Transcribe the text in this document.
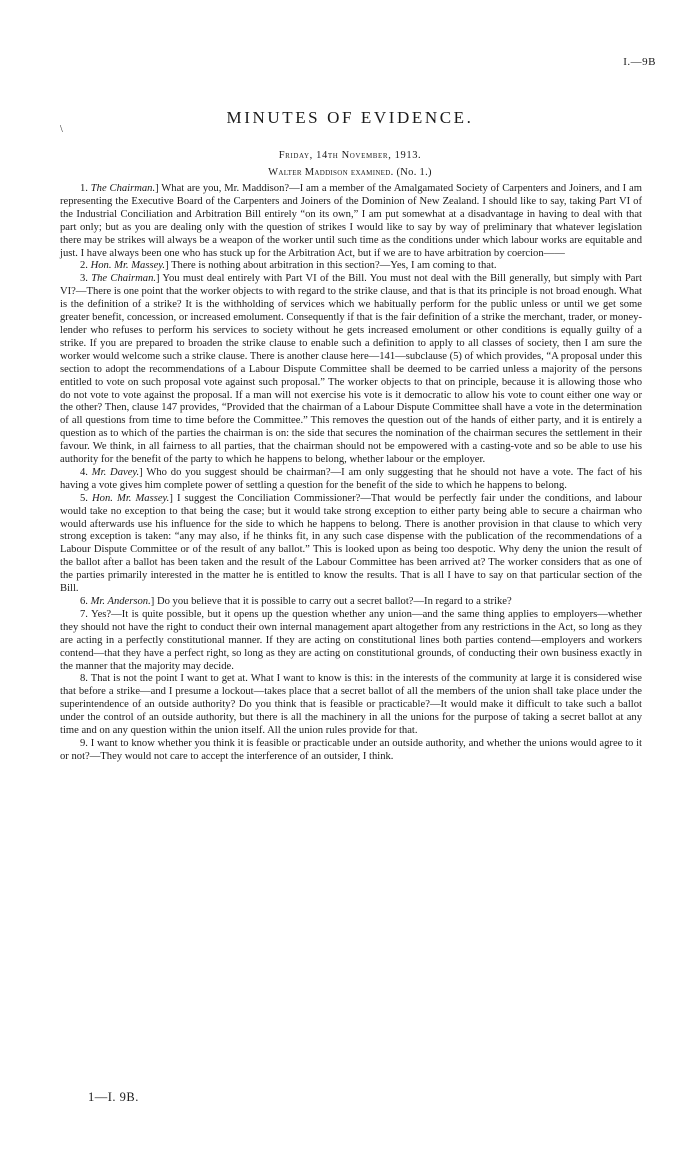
I.—9B
\
MINUTES OF EVIDENCE.
Friday, 14th November, 1913.
Walter Maddison examined. (No. 1.)

1. The Chairman.] What are you, Mr. Maddison?—I am a member of the Amalgamated Society of Carpenters and Joiners, and I am representing the Executive Board of the Carpenters and Joiners of the Dominion of New Zealand. I should like to say, taking Part VI of the Industrial Conciliation and Arbitration Bill entirely “on its own,” I am put somewhat at a disadvantage in having to deal with that part only; but as you are dealing only with the question of strikes I would like to say by way of preliminary that whatever legislation there may be strikes will always be a weapon of the worker until such time as the conditions under which labour works are equitable and just. I have always been one who has stuck up for the Arbitration Act, but if we are to have arbitration by coercion——

2. Hon. Mr. Massey.] There is nothing about arbitration in this section?—Yes, I am coming to that.

3. The Chairman.] You must deal entirely with Part VI of the Bill. You must not deal with the Bill generally, but simply with Part VI?—There is one point that the worker objects to with regard to the strike clause, and that is that its principle is not broad enough. What is the definition of a strike? It is the withholding of services which we habitually perform for the public unless or until we get some greater benefit, concession, or increased emolument. Consequently if that is the fair definition of a strike the merchant, trader, or money-lender who refuses to perform his services to society without he gets increased emolument or other conditions is equally guilty of a strike. If you are prepared to broaden the strike clause to enable such a definition to apply to all classes of society, then I am sure the worker would welcome such a strike clause. There is another clause here—141—subclause (5) of which provides, “A proposal under this section to adopt the recommendations of a Labour Dispute Committee shall be deemed to be carried unless a majority of the persons entitled to vote on such proposal vote against such proposal.” The worker objects to that on principle, because it is allowing those who do not vote to vote against the proposal. If a man will not exercise his vote is it democratic to allow his vote to count either one way or the other? Then, clause 147 provides, “Provided that the chairman of a Labour Dispute Committee shall have a vote in the determination of all questions from time to time before the Committee.” This removes the question out of the hands of either party, and it is entirely a question as to which of the parties the chairman is on: the side that secures the nomination of the chairman secures the settlement in their favour. We think, in all fairness to all parties, that the chairman should not be empowered with a casting-vote and so be able to use his authority for the benefit of the party to which he happens to belong, whether labour or the employer.

4. Mr. Davey.] Who do you suggest should be chairman?—I am only suggesting that he should not have a vote. The fact of his having a vote gives him complete power of settling a question for the benefit of the side to which he happens to belong.

5. Hon. Mr. Massey.] I suggest the Conciliation Commissioner?—That would be perfectly fair under the conditions, and labour would take no exception to that being the case; but it would take strong exception to either party being able to secure a chairman who would afterwards use his influence for the side to which he happens to belong. There is another provision in that clause to which very strong exception is taken: “any may also, if he thinks fit, in any such case dispense with the publication of the recommendations of a Labour Dispute Committee or of the result of any ballot.” This is looked upon as being too despotic. Why deny the union the result of the ballot after a ballot has been taken and the result of the Labour Committee has been arrived at? The worker considers that as one of the parties primarily interested in the matter he is entitled to know the results. That is all I have to say on that particular section of the Bill.

6. Mr. Anderson.] Do you believe that it is possible to carry out a secret ballot?—In regard to a strike?

7. Yes?—It is quite possible, but it opens up the question whether any union—and the same thing applies to employers—whether they should not have the right to conduct their own internal management apart altogether from any restrictions in the Act, so long as they are acting in a perfectly constitutional manner. If they are acting on constitutional lines both parties contend—employers and workers contend—that they have a perfect right, so long as they are acting on constitutional grounds, of conducting their own business exactly in the manner that the majority may decide.

8. That is not the point I want to get at. What I want to know is this: in the interests of the community at large it is considered wise that before a strike—and I presume a lockout—takes place that a secret ballot of all the members of the union shall take place under the superintendence of an outside authority? Do you think that is feasible or practicable?—It would make it difficult to take such a ballot under the control of an outside authority, but there is all the machinery in all the unions for the purpose of taking a secret ballot at any time and on any question within the union itself. All the union rules provide for that.

9. I want to know whether you think it is feasible or practicable under an outside authority, and whether the unions would agree to it or not?—They would not care to accept the interference of an outsider, I think.

1—I. 9B.
